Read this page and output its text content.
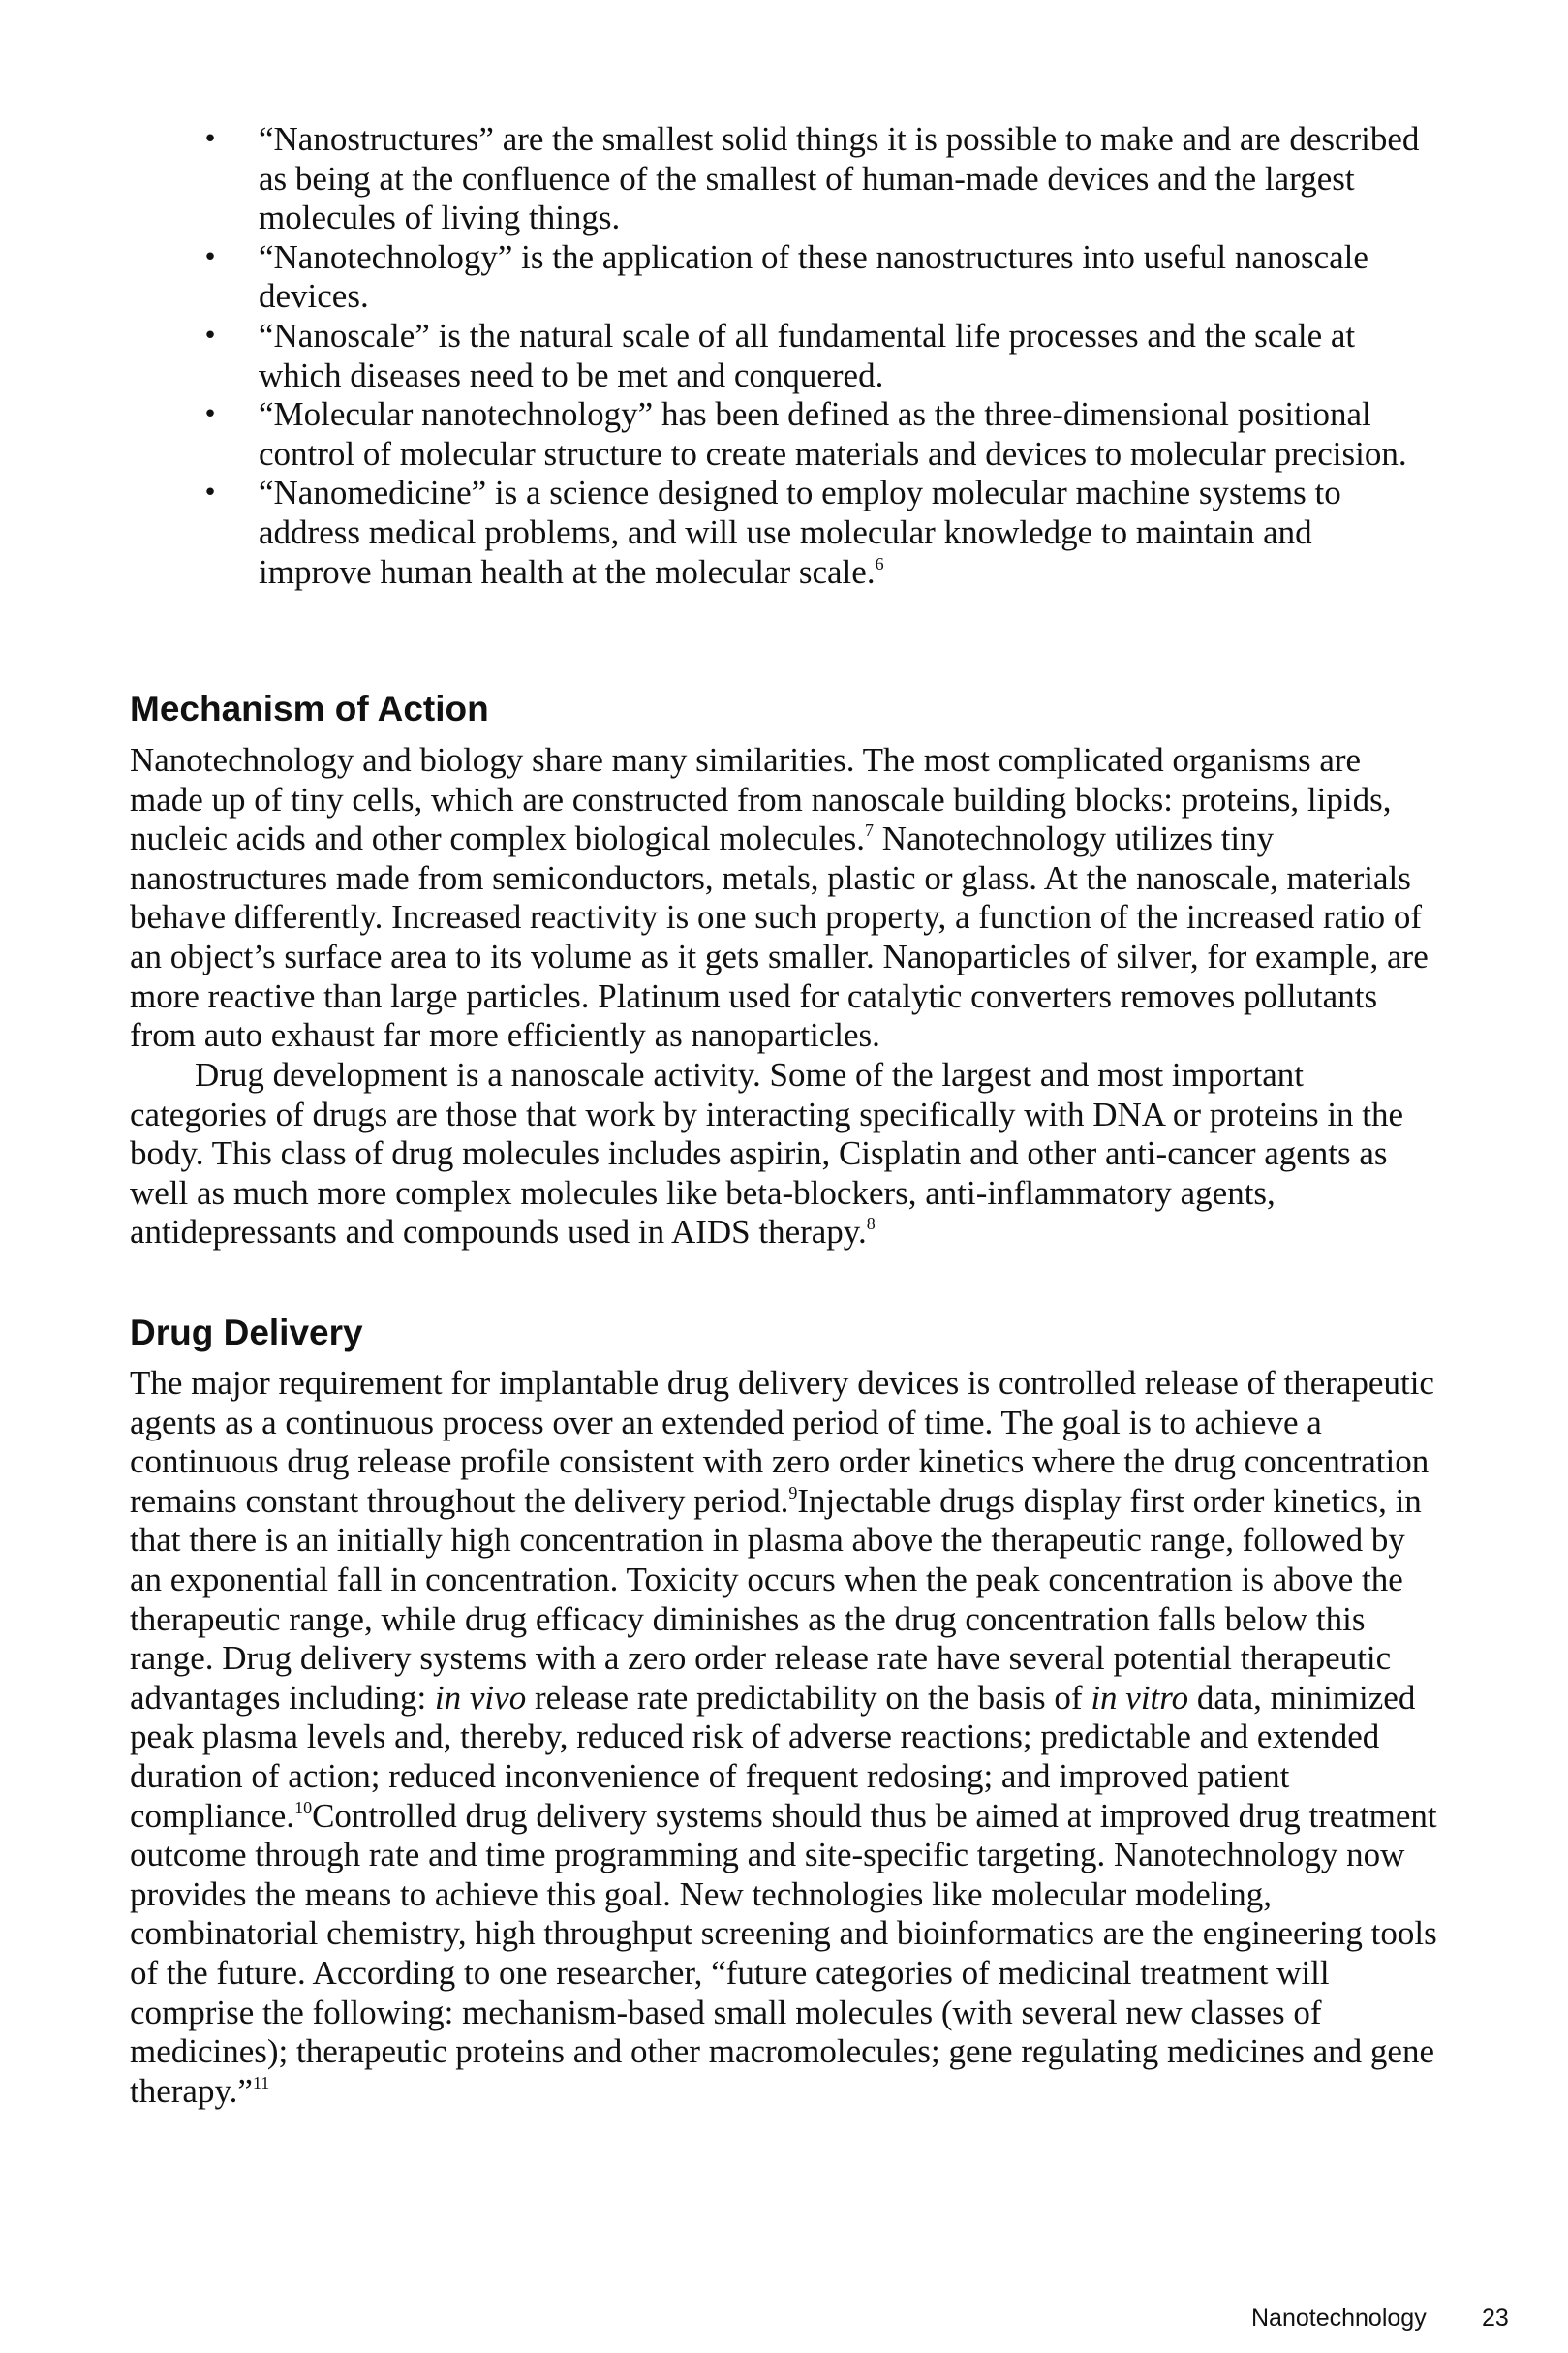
• “Nanostructures” are the smallest solid things it is possible to make and are described as being at the confluence of the smallest of human-made devices and the largest molecules of living things.
• “Nanotechnology” is the application of these nanostructures into useful nanoscale devices.
• “Nanoscale” is the natural scale of all fundamental life processes and the scale at which diseases need to be met and conquered.
• “Molecular nanotechnology” has been defined as the three-dimensional positional control of molecular structure to create materials and devices to molecular precision.
• “Nanomedicine” is a science designed to employ molecular machine systems to address medical problems, and will use molecular knowledge to maintain and improve human health at the molecular scale.$^6$
Mechanism of Action

Nanotechnology and biology share many similarities. The most complicated organisms are made up of tiny cells, which are constructed from nanoscale building blocks: proteins, lipids, nucleic acids and other complex biological molecules.$^7$ Nanotechnology utilizes tiny nanostructures made from semiconductors, metals, plastic or glass. At the nanoscale, materials behave differently. Increased reactivity is one such property, a function of the increased ratio of an object’s surface area to its volume as it gets smaller. Nanoparticles of silver, for example, are more reactive than large particles. Platinum used for catalytic converters removes pollutants from auto exhaust far more efficiently as nanoparticles.

Drug development is a nanoscale activity. Some of the largest and most important categories of drugs are those that work by interacting specifically with DNA or proteins in the body. This class of drug molecules includes aspirin, Cisplatin and other anti-cancer agents as well as much more complex molecules like beta-blockers, anti-inflammatory agents, antidepressants and compounds used in AIDS therapy.$^8$

Drug Delivery

The major requirement for implantable drug delivery devices is controlled release of therapeutic agents as a continuous process over an extended period of time. The goal is to achieve a continuous drug release profile consistent with zero order kinetics where the drug concentration remains constant throughout the delivery period.$^9$Injectable drugs display first order kinetics, in that there is an initially high concentration in plasma above the therapeutic range, followed by an exponential fall in concentration. Toxicity occurs when the peak concentration is above the therapeutic range, while drug efficacy diminishes as the drug concentration falls below this range. Drug delivery systems with a zero order release rate have several potential therapeutic advantages including: in vivo release rate predictability on the basis of in vitro data, minimized peak plasma levels and, thereby, reduced risk of adverse reactions; predictable and extended duration of action; reduced inconvenience of frequent redosing; and improved patient compliance.$^{10}$Controlled drug delivery systems should thus be aimed at improved drug treatment outcome through rate and time programming and site-specific targeting. Nanotechnology now provides the means to achieve this goal. New technologies like molecular modeling, combinatorial chemistry, high throughput screening and bioinformatics are the engineering tools of the future. According to one researcher, “future categories of medicinal treatment will comprise the following: mechanism-based small molecules (with several new classes of medicines); therapeutic proteins and other macromolecules; gene regulating medicines and gene therapy.”$^{11}$

Nanotechnology 23
